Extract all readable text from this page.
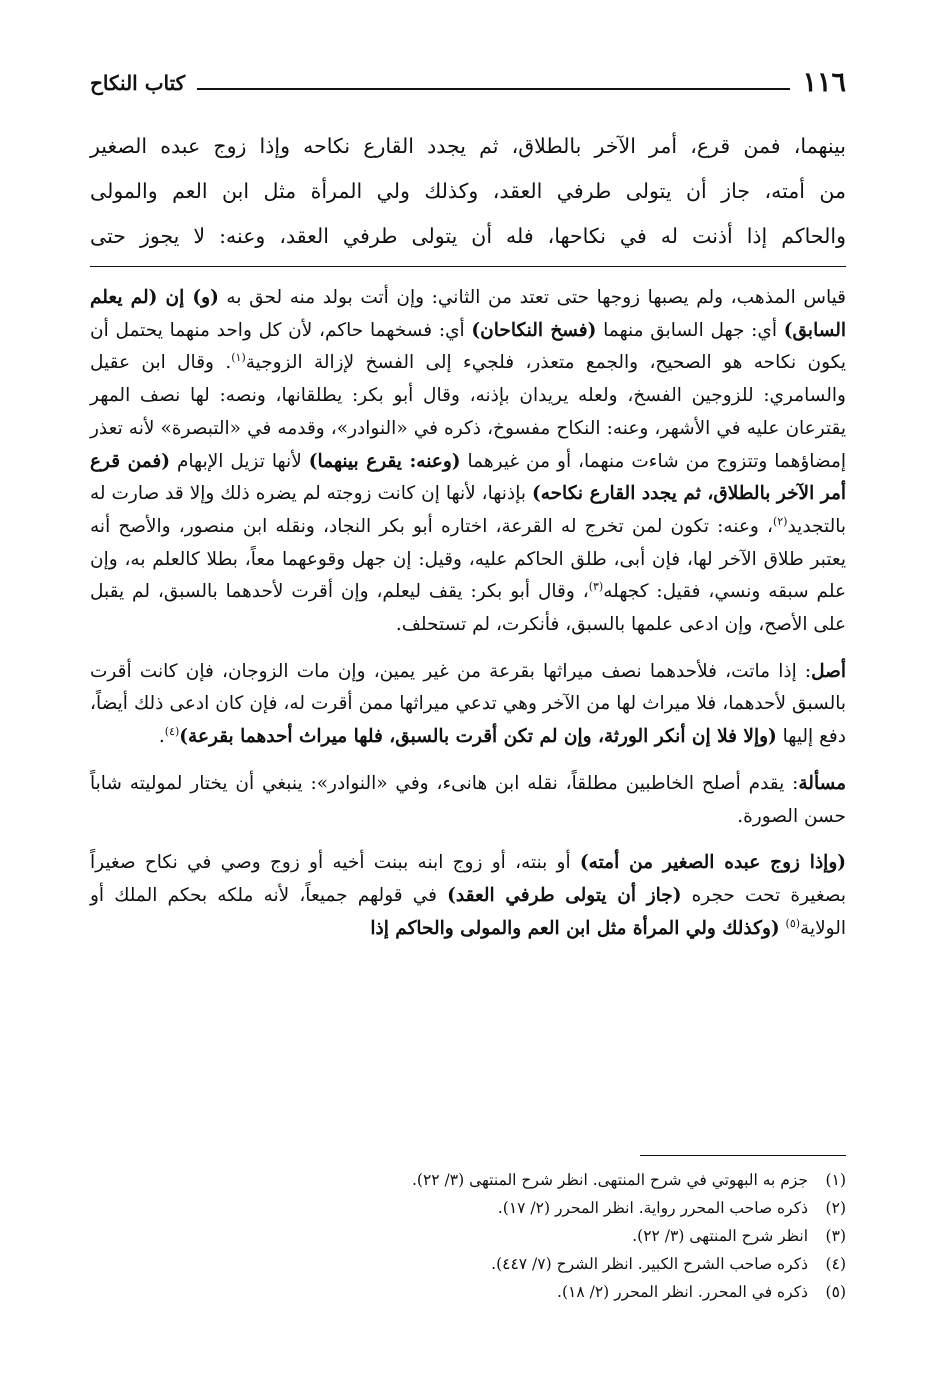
١١٦
كتاب النكاح
بينهما، فمن قرع، أمر الآخر بالطلاق، ثم يجدد القارع نكاحه وإذا زوج عبده الصغير
من أمته، جاز أن يتولى طرفي العقد، وكذلك ولي المرأة مثل ابن العم والمولى
والحاكم إذا أذنت له في نكاحها، فله أن يتولى طرفي العقد، وعنه: لا يجوز حتى

قياس المذهب، ولم يصبها زوجها حتى تعتد من الثاني: وإن أتت بولد منه لحق به (و) إن (لم يعلم السابق) أي: جهل السابق منهما (فسخ النكاحان) أي: فسخهما حاكم، لأن كل واحد منهما يحتمل أن يكون نكاحه هو الصحيح، والجمع متعذر، فلجيء إلى الفسخ لإزالة الزوجية$^{(١)}$. وقال ابن عقيل والسامري: للزوجين الفسخ، ولعله يريدان بإذنه، وقال أبو بكر: يطلقانها، ونصه: لها نصف المهر يقترعان عليه في الأشهر، وعنه: النكاح مفسوخ، ذكره في «النوادر»، وقدمه في «التبصرة» لأنه تعذر إمضاؤهما وتتزوج من شاءت منهما، أو من غيرهما (وعنه: يقرع بينهما) لأنها تزيل الإبهام (فمن قرع أمر الآخر بالطلاق، ثم يجدد القارع نكاحه) بإذنها، لأنها إن كانت زوجته لم يضره ذلك وإلا قد صارت له بالتجديد$^{(٢)}$، وعنه: تكون لمن تخرج له القرعة، اختاره أبو بكر النجاد، ونقله ابن منصور، والأصح أنه يعتبر طلاق الآخر لها، فإن أبى، طلق الحاكم عليه، وقيل: إن جهل وقوعهما معاً، بطلا كالعلم به، وإن علم سبقه ونسي، فقيل: كجهله$^{(٣)}$، وقال أبو بكر: يقف ليعلم، وإن أقرت لأحدهما بالسبق، لم يقبل على الأصح، وإن ادعى علمها بالسبق، فأنكرت، لم تستحلف.

أصل: إذا ماتت، فلأحدهما نصف ميراثها بقرعة من غير يمين، وإن مات الزوجان، فإن كانت أقرت بالسبق لأحدهما، فلا ميراث لها من الآخر وهي تدعي ميراثها ممن أقرت له، فإن كان ادعى ذلك أيضاً، دفع إليها (وإلا فلا إن أنكر الورثة، وإن لم تكن أقرت بالسبق، فلها ميراث أحدهما بقرعة)$^{(٤)}$.

مسألة: يقدم أصلح الخاطبين مطلقاً، نقله ابن هانىء، وفي «النوادر»: ينبغي أن يختار لموليته شاباً حسن الصورة.

(وإذا زوج عبده الصغير من أمته) أو بنته، أو زوج ابنه ببنت أخيه أو زوج وصي في نكاح صغيراً بصغيرة تحت حجره (جاز أن يتولى طرفي العقد) في قولهم جميعاً، لأنه ملكه بحكم الملك أو الولاية$^{(٥)}$ (وكذلك ولي المرأة مثل ابن العم والمولى والحاكم إذا

(١)
جزم به البهوتي في شرح المنتهى. انظر شرح المنتهى (٣/ ٢٢).
(٢)
ذكره صاحب المحرر رواية. انظر المحرر (٢/ ١٧).
(٣)
انظر شرح المنتهى (٣/ ٢٢).
(٤)
ذكره صاحب الشرح الكبير. انظر الشرح (٧/ ٤٤٧).
(٥)
ذكره في المحرر. انظر المحرر (٢/ ١٨).
